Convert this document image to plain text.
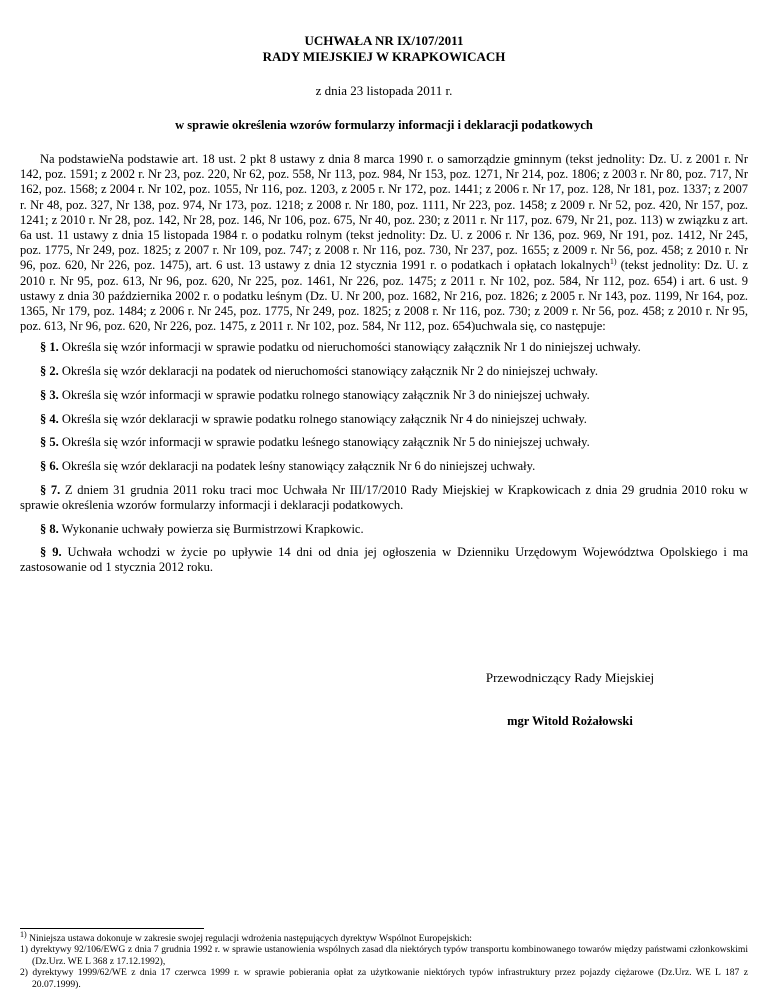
UCHWAŁA NR IX/107/2011
RADY MIEJSKIEJ W KRAPKOWICACH
z dnia 23 listopada 2011 r.
w sprawie określenia wzorów formularzy informacji i deklaracji podatkowych

Na podstawieNa podstawie art. 18 ust. 2 pkt 8 ustawy z dnia 8 marca 1990 r. o samorządzie gminnym (tekst jednolity: Dz. U. z 2001 r. Nr 142, poz. 1591; z 2002 r. Nr 23, poz. 220, Nr 62, poz. 558, Nr 113, poz. 984, Nr 153, poz. 1271, Nr 214, poz. 1806; z 2003 r. Nr 80, poz. 717, Nr 162, poz. 1568; z 2004 r. Nr 102, poz. 1055, Nr 116, poz. 1203, z 2005 r. Nr 172, poz. 1441; z 2006 r. Nr 17, poz. 128, Nr 181, poz. 1337; z 2007 r. Nr 48, poz. 327, Nr 138, poz. 974, Nr 173, poz. 1218; z 2008 r. Nr 180, poz. 1111, Nr 223, poz. 1458; z 2009 r. Nr 52, poz. 420, Nr 157, poz. 1241; z 2010 r. Nr 28, poz. 142, Nr 28, poz. 146, Nr 106, poz. 675, Nr 40, poz. 230; z 2011 r. Nr 117, poz. 679, Nr 21, poz. 113) w związku z art. 6a ust. 11 ustawy z dnia 15 listopada 1984 r. o podatku rolnym (tekst jednolity: Dz. U. z 2006 r. Nr 136, poz. 969, Nr 191, poz. 1412, Nr 245, poz. 1775, Nr 249, poz. 1825; z 2007 r. Nr 109, poz. 747; z 2008 r. Nr 116, poz. 730, Nr 237, poz. 1655; z 2009 r. Nr 56, poz. 458; z 2010 r. Nr 96, poz. 620, Nr 226, poz. 1475), art. 6 ust. 13 ustawy z dnia 12 stycznia 1991 r. o podatkach i opłatach lokalnych$^{1)}$ (tekst jednolity: Dz. U. z 2010 r. Nr 95, poz. 613, Nr 96, poz. 620, Nr 225, poz. 1461, Nr 226, poz. 1475; z 2011 r. Nr 102, poz. 584, Nr 112, poz. 654) i art. 6 ust. 9 ustawy z dnia 30 października 2002 r. o podatku leśnym (Dz. U. Nr 200, poz. 1682, Nr 216, poz. 1826; z 2005 r. Nr 143, poz. 1199, Nr 164, poz. 1365, Nr 179, poz. 1484; z 2006 r. Nr 245, poz. 1775, Nr 249, poz. 1825; z 2008 r. Nr 116, poz. 730; z 2009 r. Nr 56, poz. 458; z 2010 r. Nr 95, poz. 613, Nr 96, poz. 620, Nr 226, poz. 1475, z 2011 r. Nr 102, poz. 584, Nr 112, poz. 654)uchwala się, co następuje:

§ 1. Określa się wzór informacji w sprawie podatku od nieruchomości stanowiący załącznik Nr 1 do niniejszej uchwały.

§ 2. Określa się wzór deklaracji na podatek od nieruchomości stanowiący załącznik Nr 2 do niniejszej uchwały.

§ 3. Określa się wzór informacji w sprawie podatku rolnego stanowiący załącznik Nr 3 do niniejszej uchwały.

§ 4. Określa się wzór deklaracji w sprawie podatku rolnego stanowiący załącznik Nr 4 do niniejszej uchwały.

§ 5. Określa się wzór informacji w sprawie podatku leśnego stanowiący załącznik Nr 5 do niniejszej uchwały.

§ 6. Określa się wzór deklaracji na podatek leśny stanowiący załącznik Nr 6 do niniejszej uchwały.

§ 7. Z dniem 31 grudnia 2011 roku traci moc Uchwała Nr III/17/2010 Rady Miejskiej w Krapkowicach z dnia 29 grudnia 2010 roku w sprawie określenia wzorów formularzy informacji i deklaracji podatkowych.

§ 8. Wykonanie uchwały powierza się Burmistrzowi Krapkowic.

§ 9. Uchwała wchodzi w życie po upływie 14 dni od dnia jej ogłoszenia w Dzienniku Urzędowym Województwa Opolskiego i ma zastosowanie od 1 stycznia 2012 roku.

Przewodniczący Rady Miejskiej
mgr Witold Rożałowski

$^{1)}$ Niniejsza ustawa dokonuje w zakresie swojej regulacji wdrożenia następujących dyrektyw Wspólnot Europejskich:

1) dyrektywy 92/106/EWG z dnia 7 grudnia 1992 r. w sprawie ustanowienia wspólnych zasad dla niektórych typów transportu kombinowanego towarów między państwami członkowskimi (Dz.Urz. WE L 368 z 17.12.1992),

2) dyrektywy 1999/62/WE z dnia 17 czerwca 1999 r. w sprawie pobierania opłat za użytkowanie niektórych typów infrastruktury przez pojazdy ciężarowe (Dz.Urz. WE L 187 z 20.07.1999).
